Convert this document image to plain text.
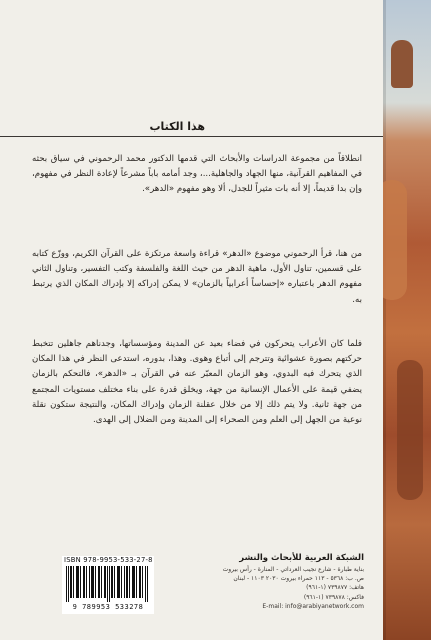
هذا الكتاب

انطلاقاً من مجموعة الدراسات والأبحاث التي قدمها الدكتور محمد الرحموني في سياق بحثه في المفاهيم القرآنية، منها الجهاد والجاهلية...، وجد أمامه باباً مشرعاً لإعادة النظر في مفهوم، وإن بدا قديماً، إلا أنه بات مثيراً للجدل، ألا وهو مفهوم «الدهر».

من هنا، قرأ الرحموني موضوع «الدهر» قراءة واسعة مرتكزة على القرآن الكريم، ووزّع كتابه على قسمين، تناول الأول، ماهية الدهر من حيث اللغة والفلسفة وكتب التفسير، وتناول الثاني مفهوم الدهر باعتباره «إحساساً أعرابياً بالزمان» لا يمكن إدراكه إلا بإدراك المكان الذي يرتبط به.

فلما كان الأعراب يتحركون في فضاء بعيد عن المدينة ومؤسساتها، وجدناهم جاهلين تتخبط حركتهم بصورة عشوائية وتترجم إلى أتباع وهوى. وهذا، بدوره، استدعى النظر في هذا المكان الذي يتحرك فيه البدوي، وهو الزمان المعبّر عنه في القرآن بـ «الدهر»، فالتحكم بالزمان يضفي قيمة على الأعمال الإنسانية من جهة، ويخلق قدرة على بناء مختلف مستويات المجتمع من جهة ثانية. ولا يتم ذلك إلا من خلال عقلنة الزمان وإدراك المكان، والنتيجة ستكون نقلة نوعية من الجهل إلى العلم ومن الصحراء إلى المدينة ومن الضلال إلى الهدى.

الشبكة العربية للأبحاث والنشر
بناية طبارة - شارع نجيب العرداتي - المنارة - رأس بيروت
ص. ب: ٥٣٦٨ - ١١٣ حمراء بيروت ٢٠٣٠ ١١٠٣ - لبنان
هاتف: ٧٣٩٨٧٧ (١-٩٦١)
فاكس: ٧٣٩٨٧٨ (١-٩٦١)
E-mail: info@arabiyanetwork.com
ISBN 978-9953-533-27-8
9 789953 533278
